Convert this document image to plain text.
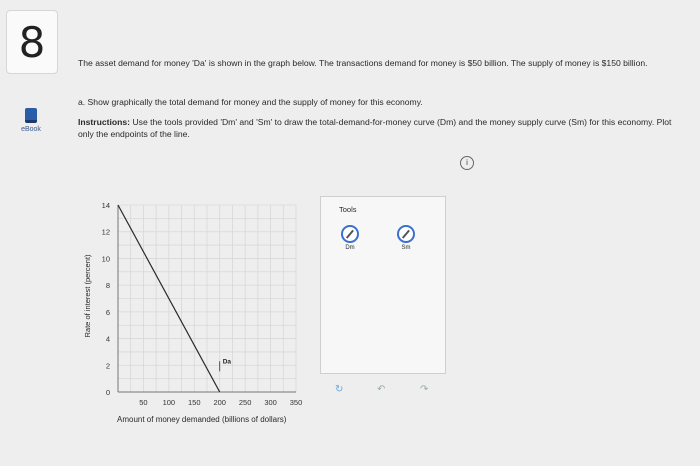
8
eBook
The asset demand for money 'Da' is shown in the graph below. The transactions demand for money is $50 billion. The supply of money is $150 billion.
a. Show graphically the total demand for money and the supply of money for this economy.
Instructions: Use the tools provided 'Dm' and 'Sm' to draw the total-demand-for-money curve (Dm) and the money supply curve (Sm) for this economy. Plot only the endpoints of the line.
i
0
2
4
6
8
10
12
14
50 100 150 200 250 300 350
Da
Rate of interest (percent)
Amount of money demanded (billions of dollars)
Tools
Dm	Sm
↻	↶	↷
